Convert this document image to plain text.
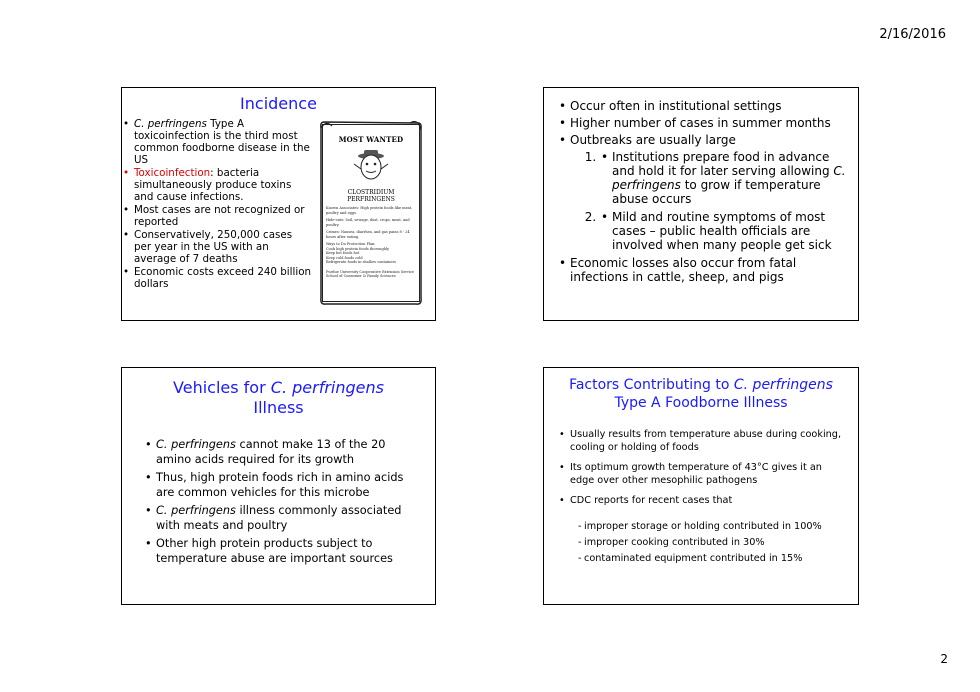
2/16/2016
Incidence
• C. perfringens Type A toxicoinfection is the third most common foodborne disease in the US
• Toxicoinfection: bacteria simultaneously produce toxins and cause infections.
• Most cases are not recognized or reported
• Conservatively, 250,000 cases per year in the US with an average of 7 deaths
• Economic costs exceed 240 billion dollars
MOST WANTED
CLOSTRIDIUM
PERFRINGENS
Known Associates: High protein foods like meat, poultry and eggs.
Hide-outs: Soil, sewage, dust, crops, meat, and poultry.
Crimes: Nausea, diarrhea, and gas pains 8 - 24 hours after eating.
Ways to Do Protection Plan:
Cook high protein foods thoroughly
Keep hot foods hot
Keep cold foods cold
Refrigerate foods in shallow containers
Purdue University Cooperative Extension Service School of Consumer & Family Sciences
• Occur often in institutional settings
• Higher number of cases in summer months
• Outbreaks are usually large
• 1. Institutions prepare food in advance and hold it for later serving allowing C. perfringens to grow if temperature abuse occurs
• 2. Mild and routine symptoms of most cases – public health officials are involved when many people get sick
• Economic losses also occur from fatal infections in cattle, sheep, and pigs
Vehicles for C. perfringens
Illness
• C. perfringens cannot make 13 of the 20 amino acids required for its growth
• Thus, high protein foods rich in amino acids are common vehicles for this microbe
• C. perfringens illness commonly associated with meats and poultry
• Other high protein products subject to temperature abuse are important sources
Factors Contributing to C. perfringens
Type A Foodborne Illness
• Usually results from temperature abuse during cooking, cooling or holding of foods
• Its optimum growth temperature of 43°C gives it an edge over other mesophilic pathogens
• CDC reports for recent cases that
- improper storage or holding contributed in 100%
- improper cooking contributed in 30%
- contaminated equipment contributed in 15%
2
